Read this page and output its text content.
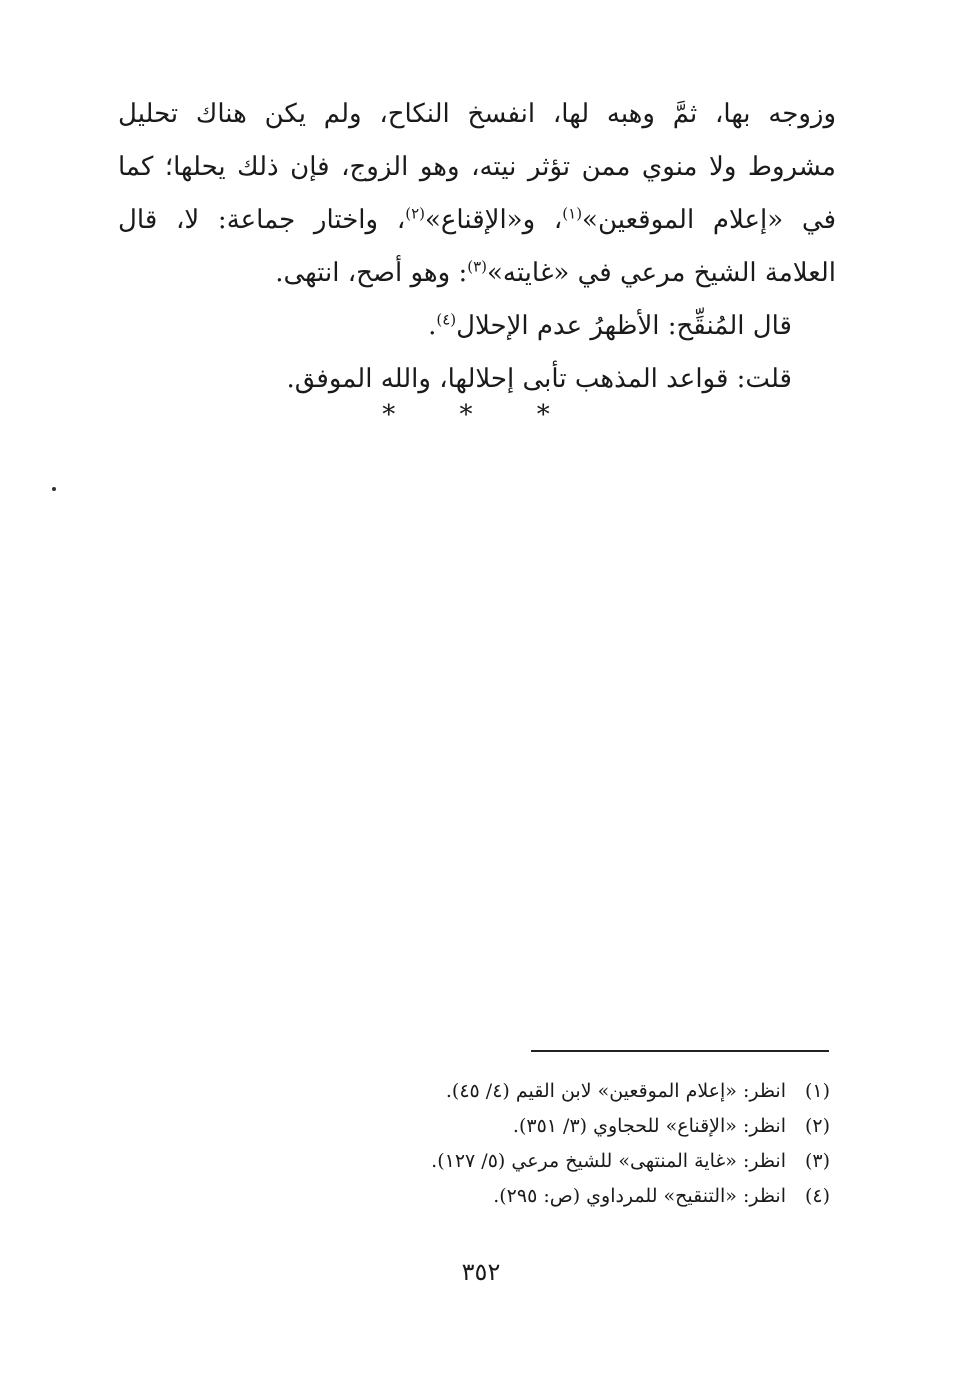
وزوجه بها، ثمَّ وهبه لها، انفسخ النكاح، ولم يكن هناك تحليل مشروط ولا منوي ممن تؤثر نيته، وهو الزوج، فإن ذلك يحلها؛ كما في «إعلام الموقعين»$^{(١)}$، و«الإقناع»$^{(٢)}$، واختار جماعة: لا، قال العلامة الشيخ مرعي في «غايته»$^{(٣)}$: وهو أصح، انتهى.

قال المُنقِّح: الأظهرُ عدم الإحلال$^{(٤)}$.

قلت: قواعد المذهب تأبى إحلالها، والله الموفق.

* * *
(١)انظر: «إعلام الموقعين» لابن القيم (٤/ ٤٥).
(٢)انظر: «الإقناع» للحجاوي (٣/ ٣٥١).
(٣)انظر: «غاية المنتهى» للشيخ مرعي (٥/ ١٢٧).
(٤)انظر: «التنقيح» للمرداوي (ص: ٢٩٥).
٣٥٢
